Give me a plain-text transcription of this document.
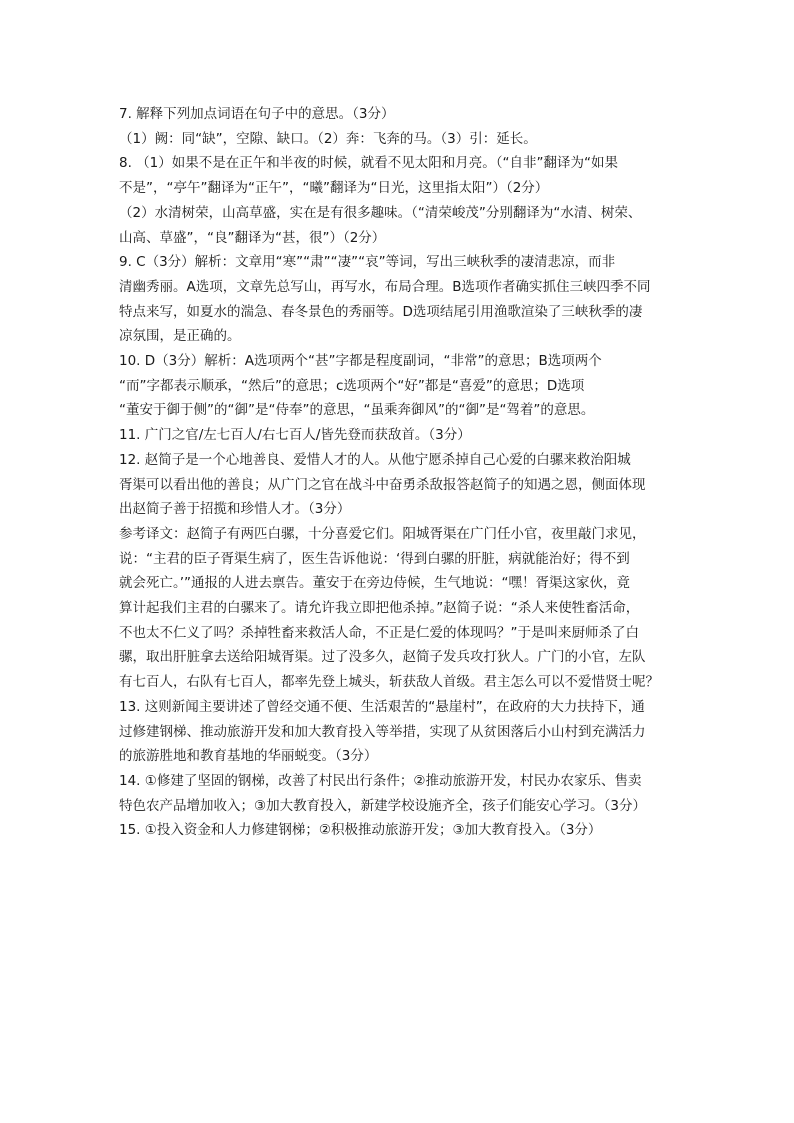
7. 解释下列加点词语在句子中的意思。（3分）
（1）阙：同“缺”，空隙、缺口。（2）奔：飞奔的马。（3）引：延长。
8. （1）如果不是在正午和半夜的时候，就看不见太阳和月亮。（“自非”翻译为“如果
不是”，“亭午”翻译为“正午”，“曦”翻译为“日光，这里指太阳”）（2分）
（2）水清树荣，山高草盛，实在是有很多趣味。（“清荣峻茂”分别翻译为“水清、树荣、
山高、草盛”，“良”翻译为“甚，很”）（2分）
9. C（3分）解析：文章用“寒”“肃”“凄”“哀”等词，写出三峡秋季的凄清悲凉，而非
清幽秀丽。A选项，文章先总写山，再写水，布局合理。B选项作者确实抓住三峡四季不同
特点来写，如夏水的湍急、春冬景色的秀丽等。D选项结尾引用渔歌渲染了三峡秋季的凄
凉氛围，是正确的。
10. D（3分）解析：A选项两个“甚”字都是程度副词，“非常”的意思；B选项两个
“而”字都表示顺承，“然后”的意思；c选项两个“好”都是“喜爱”的意思；D选项
“董安于御于侧”的“御”是“侍奉”的意思，“虽乘奔御风”的“御”是“驾着”的意思。
11. 广门之官/左七百人/右七百人/皆先登而获敌首。（3分）
12. 赵简子是一个心地善良、爱惜人才的人。从他宁愿杀掉自己心爱的白骡来救治阳城
胥渠可以看出他的善良；从广门之官在战斗中奋勇杀敌报答赵简子的知遇之恩，侧面体现
出赵简子善于招揽和珍惜人才。（3分）
参考译文：赵简子有两匹白骡，十分喜爱它们。阳城胥渠在广门任小官，夜里敲门求见，
说：“主君的臣子胥渠生病了，医生告诉他说：‘得到白骡的肝脏，病就能治好；得不到
就会死亡。’”通报的人进去禀告。董安于在旁边侍候，生气地说：“嘿！胥渠这家伙，竟
算计起我们主君的白骡来了。请允许我立即把他杀掉。”赵简子说：“杀人来使牲畜活命，
不也太不仁义了吗？杀掉牲畜来救活人命，不正是仁爱的体现吗？”于是叫来厨师杀了白
骡，取出肝脏拿去送给阳城胥渠。过了没多久，赵简子发兵攻打狄人。广门的小官，左队
有七百人，右队有七百人，都率先登上城头，斩获敌人首级。君主怎么可以不爱惜贤士呢？
13. 这则新闻主要讲述了曾经交通不便、生活艰苦的“悬崖村”，在政府的大力扶持下，通
过修建钢梯、推动旅游开发和加大教育投入等举措，实现了从贫困落后小山村到充满活力
的旅游胜地和教育基地的华丽蜕变。（3分）
14. ①修建了坚固的钢梯，改善了村民出行条件；②推动旅游开发，村民办农家乐、售卖
特色农产品增加收入；③加大教育投入，新建学校设施齐全，孩子们能安心学习。（3分）
15. ①投入资金和人力修建钢梯；②积极推动旅游开发；③加大教育投入。（3分）
